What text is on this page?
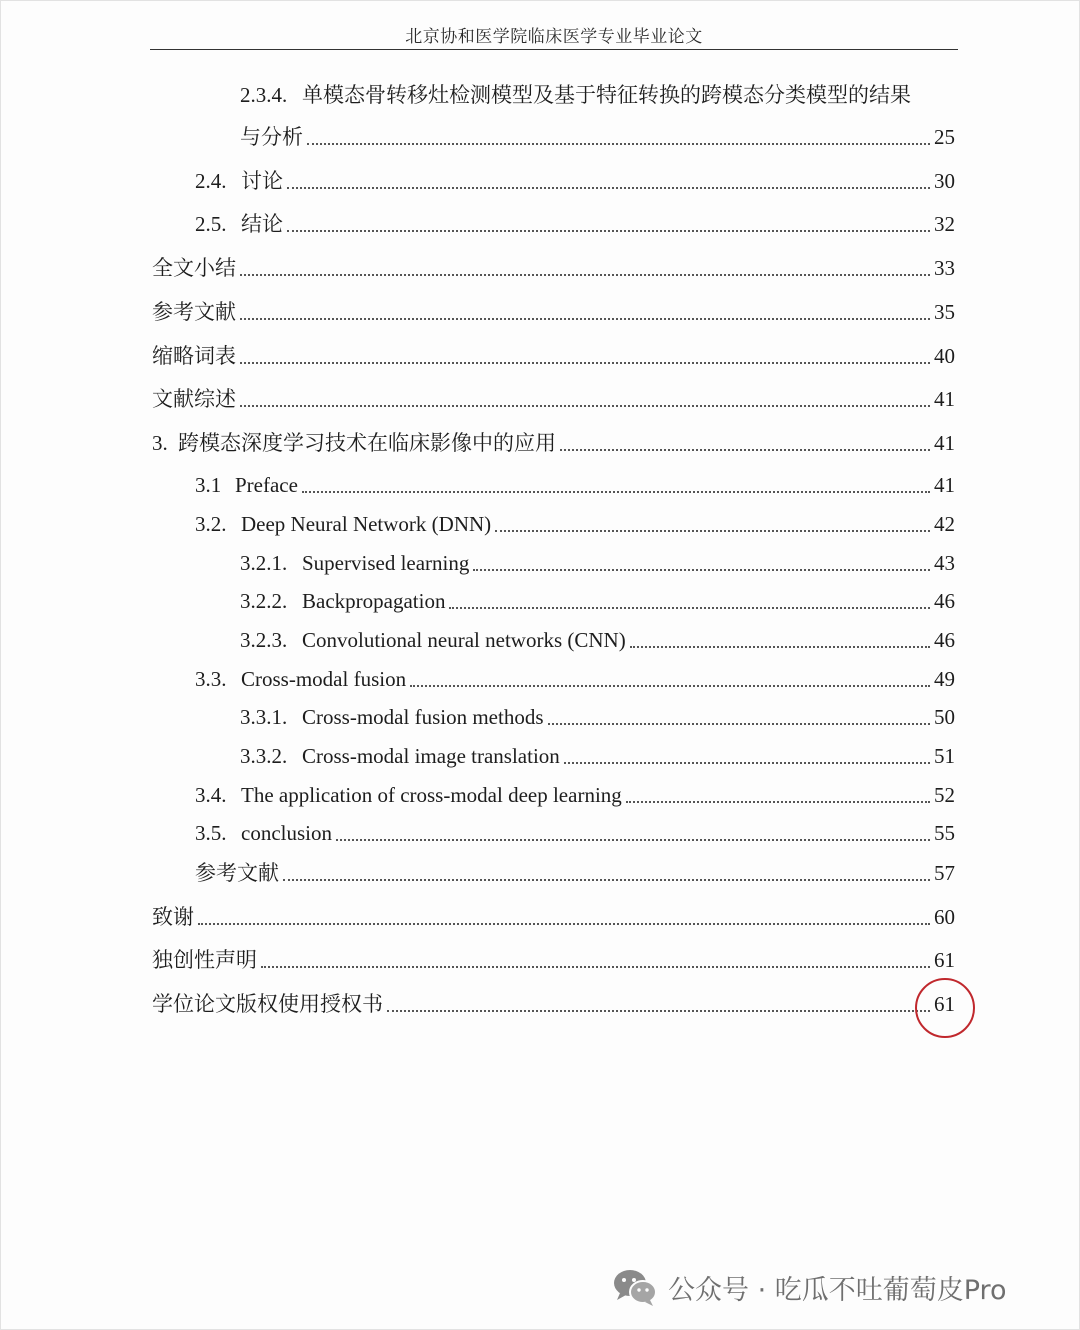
北京协和医学院临床医学专业毕业论文
2.3.4. 单模态骨转移灶检测模型及基于特征转换的跨模态分类模型的结果
与分析	25
2.4. 讨论	30
2.5. 结论	32
全文小结	33
参考文献	35
缩略词表	40
文献综述	41
3. 跨模态深度学习技术在临床影像中的应用	41
3.1 Preface	41
3.2. Deep Neural Network (DNN)	42
3.2.1. Supervised learning	43
3.2.2. Backpropagation	46
3.2.3. Convolutional neural networks (CNN)	46
3.3. Cross-modal fusion	49
3.3.1. Cross-modal fusion methods	50
3.3.2. Cross-modal image translation	51
3.4. The application of cross-modal deep learning	52
3.5. conclusion	55
参考文献	57
致谢	60
独创性声明	61
学位论文版权使用授权书	61
公众号 · 吃瓜不吐葡萄皮Pro
